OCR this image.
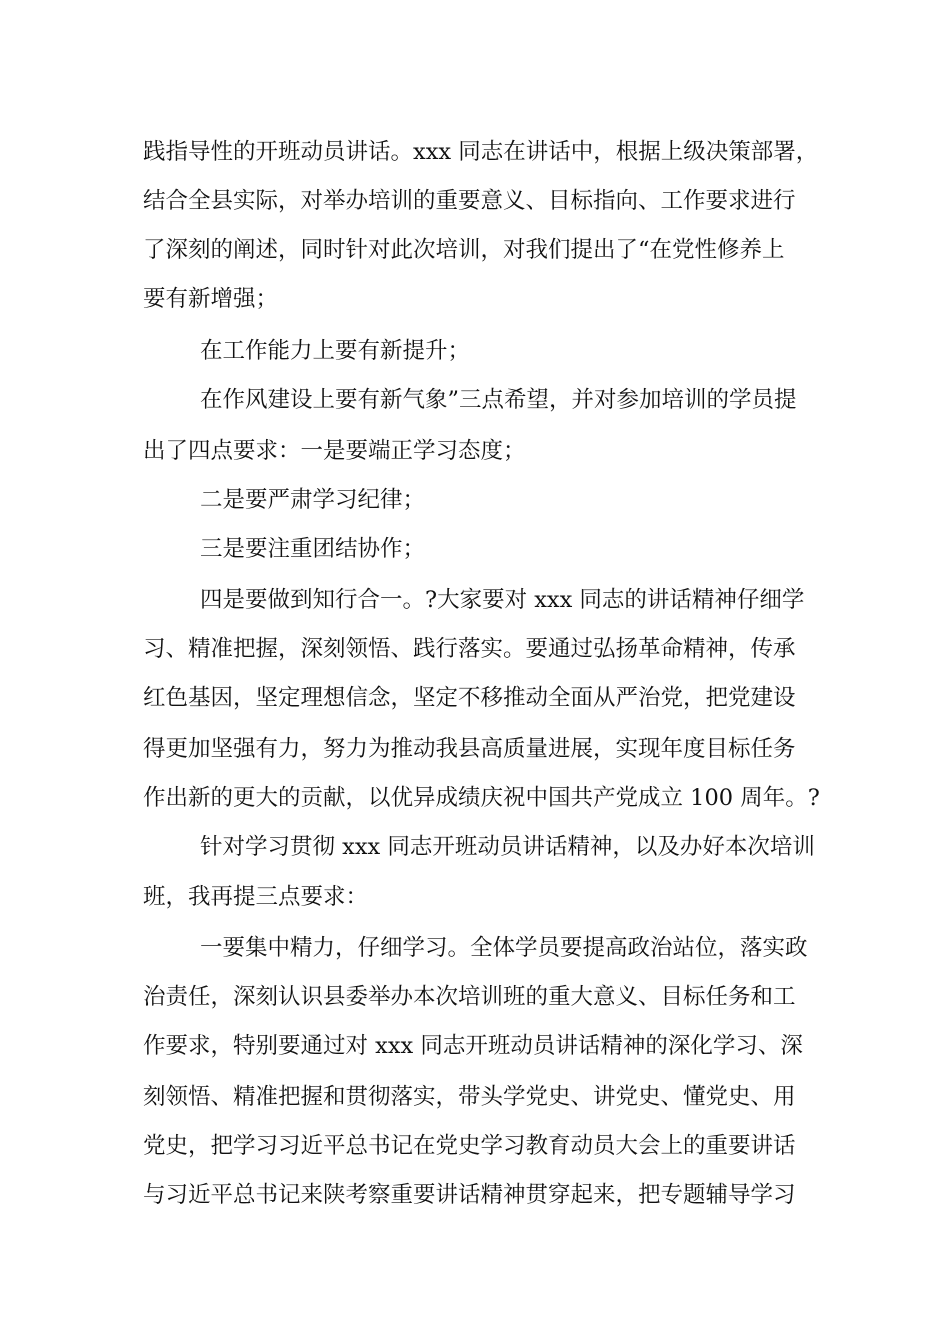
践指导性的开班动员讲话。xxx 同志在讲话中，根据上级决策部署，
结合全县实际，对举办培训的重要意义、目标指向、工作要求进行
了深刻的阐述，同时针对此次培训，对我们提出了“在党性修养上
要有新增强；
在工作能力上要有新提升；
在作风建设上要有新气象”三点希望，并对参加培训的学员提
出了四点要求：一是要端正学习态度；
二是要严肃学习纪律；
三是要注重团结协作；
四是要做到知行合一。?大家要对 xxx 同志的讲话精神仔细学
习、精准把握，深刻领悟、践行落实。要通过弘扬革命精神，传承
红色基因，坚定理想信念，坚定不移推动全面从严治党，把党建设
得更加坚强有力，努力为推动我县高质量进展，实现年度目标任务
作出新的更大的贡献，以优异成绩庆祝中国共产党成立 100 周年。?
针对学习贯彻 xxx 同志开班动员讲话精神，以及办好本次培训
班，我再提三点要求：
一要集中精力，仔细学习。全体学员要提高政治站位，落实政
治责任，深刻认识县委举办本次培训班的重大意义、目标任务和工
作要求，特别要通过对 xxx 同志开班动员讲话精神的深化学习、深
刻领悟、精准把握和贯彻落实，带头学党史、讲党史、懂党史、用
党史，把学习习近平总书记在党史学习教育动员大会上的重要讲话
与习近平总书记来陕考察重要讲话精神贯穿起来，把专题辅导学习
